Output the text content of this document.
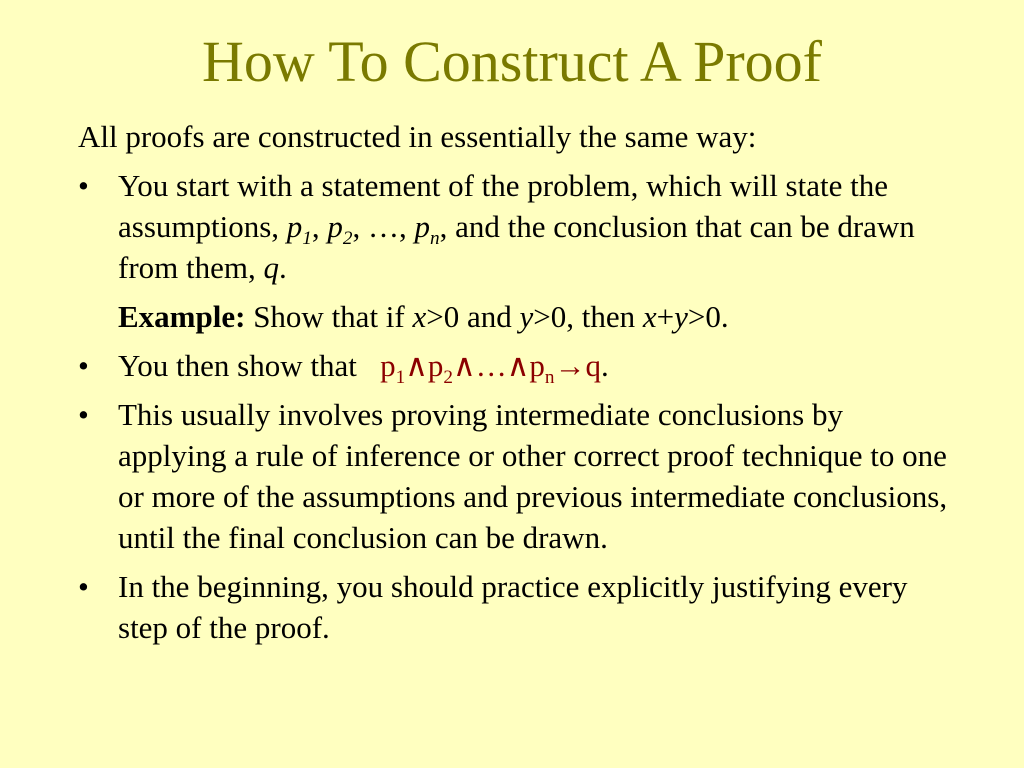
How To Construct A Proof

All proofs are constructed in essentially the same way:

• You start with a statement of the problem, which will state the assumptions, $p_1$, $p_2$, …, $p_n$, and the conclusion that can be drawn from them, q.
Example: Show that if x>0 and y>0, then x+y>0.
• You then show that $p_1\wedge p_2\wedge\dots\wedge p_n\to q$.
• This usually involves proving intermediate conclusions by applying a rule of inference or other correct proof technique to one or more of the assumptions and previous intermediate conclusions, until the final conclusion can be drawn.
• In the beginning, you should practice explicitly justifying every step of the proof.
